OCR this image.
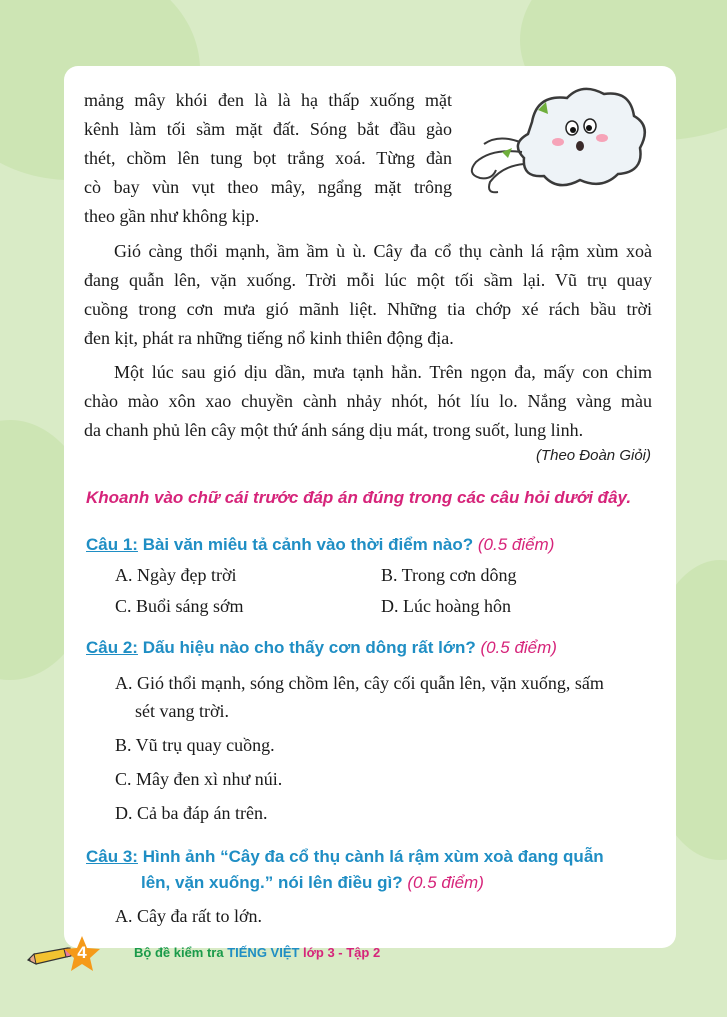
mảng mây khói đen là là hạ thấp xuống mặt
kênh làm tối sầm mặt đất. Sóng bắt đầu gào
thét, chồm lên tung bọt trắng xoá. Từng đàn
cò bay vùn vụt theo mây, ngẩng mặt trông
theo gần như không kịp.
Gió càng thổi mạnh, ầm ầm ù ù. Cây đa cổ thụ cành lá rậm xùm xoà
đang quẫn lên, vặn xuống. Trời mỗi lúc một tối sầm lại. Vũ trụ quay
cuồng trong cơn mưa gió mãnh liệt. Những tia chớp xé rách bầu trời
đen kịt, phát ra những tiếng nổ kinh thiên động địa.
Một lúc sau gió dịu dần, mưa tạnh hẳn. Trên ngọn đa, mấy con chim
chào mào xôn xao chuyền cành nhảy nhót, hót líu lo. Nắng vàng màu
da chanh phủ lên cây một thứ ánh sáng dịu mát, trong suốt, lung linh.
(Theo Đoàn Giỏi)
Khoanh vào chữ cái trước đáp án đúng trong các câu hỏi dưới đây.
Câu 1: Bài văn miêu tả cảnh vào thời điểm nào? (0.5 điểm)
A. Ngày đẹp trời	B. Trong cơn dông
C. Buổi sáng sớm	D. Lúc hoàng hôn
Câu 2: Dấu hiệu nào cho thấy cơn dông rất lớn? (0.5 điểm)
A. Gió thổi mạnh, sóng chồm lên, cây cối quẫn lên, vặn xuống, sấm
sét vang trời.
B. Vũ trụ quay cuồng.
C. Mây đen xì như núi.
D. Cả ba đáp án trên.
Câu 3: Hình ảnh “Cây đa cổ thụ cành lá rậm xùm xoà đang quẫn
lên, vặn xuống.” nói lên điều gì? (0.5 điểm)
A. Cây đa rất to lớn.
4	Bộ đề kiểm tra TIẾNG VIỆT lớp 3 - Tập 2
